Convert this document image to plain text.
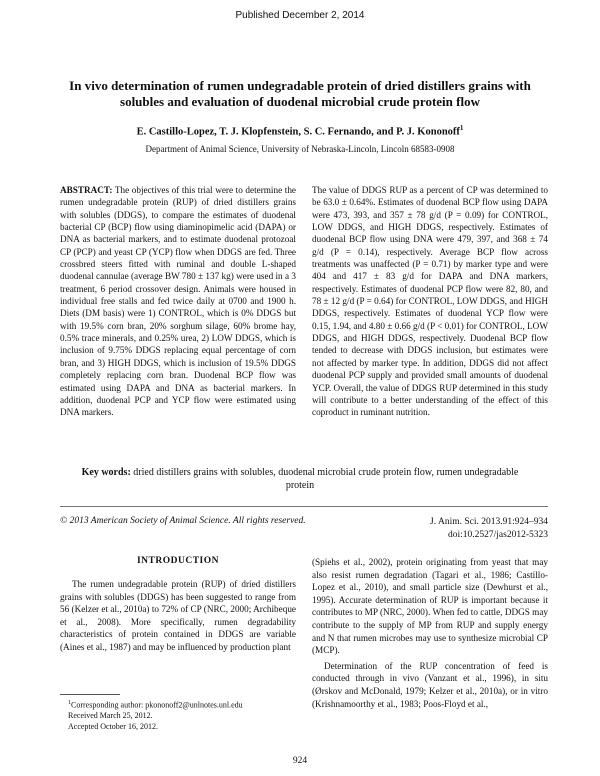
Published December 2, 2014
In vivo determination of rumen undegradable protein of dried distillers grains with solubles and evaluation of duodenal microbial crude protein flow
E. Castillo-Lopez, T. J. Klopfenstein, S. C. Fernando, and P. J. Kononoff$^1$
Department of Animal Science, University of Nebraska-Lincoln, Lincoln 68583-0908
ABSTRACT: The objectives of this trial were to determine the rumen undegradable protein (RUP) of dried distillers grains with solubles (DDGS), to compare the estimates of duodenal bacterial CP (BCP) flow using diaminopimelic acid (DAPA) or DNA as bacterial markers, and to estimate duodenal protozoal CP (PCP) and yeast CP (YCP) flow when DDGS are fed. Three crossbred steers fitted with ruminal and double L-shaped duodenal cannulae (average BW 780 ± 137 kg) were used in a 3 treatment, 6 period crossover design. Animals were housed in individual free stalls and fed twice daily at 0700 and 1900 h. Diets (DM basis) were 1) CONTROL, which is 0% DDGS but with 19.5% corn bran, 20% sorghum silage, 60% brome hay, 0.5% trace minerals, and 0.25% urea, 2) LOW DDGS, which is inclusion of 9.75% DDGS replacing equal percentage of corn bran, and 3) HIGH DDGS, which is inclusion of 19.5% DDGS completely replacing corn bran. Duodenal BCP flow was estimated using DAPA and DNA as bacterial markers. In addition, duodenal PCP and YCP flow were estimated using DNA markers.
The value of DDGS RUP as a percent of CP was determined to be 63.0 ± 0.64%. Estimates of duodenal BCP flow using DAPA were 473, 393, and 357 ± 78 g/d (P = 0.09) for CONTROL, LOW DDGS, and HIGH DDGS, respectively. Estimates of duodenal BCP flow using DNA were 479, 397, and 368 ± 74 g/d (P = 0.14), respectively. Average BCP flow across treatments was unaffected (P = 0.71) by marker type and were 404 and 417 ± 83 g/d for DAPA and DNA markers, respectively. Estimates of duodenal PCP flow were 82, 80, and 78 ± 12 g/d (P = 0.64) for CONTROL, LOW DDGS, and HIGH DDGS, respectively. Estimates of duodenal YCP flow were 0.15, 1.94, and 4.80 ± 0.66 g/d (P < 0.01) for CONTROL, LOW DDGS, and HIGH DDGS, respectively. Duodenal BCP flow tended to decrease with DDGS inclusion, but estimates were not affected by marker type. In addition, DDGS did not affect duodenal PCP supply and provided small amounts of duodenal YCP. Overall, the value of DDGS RUP determined in this study will contribute to a better understanding of the effect of this coproduct in ruminant nutrition.
Key words: dried distillers grains with solubles, duodenal microbial crude protein flow, rumen undegradable protein
© 2013 American Society of Animal Science. All rights reserved.	J. Anim. Sci. 2013.91:924–934
doi:10.2527/jas2012-5323
INTRODUCTION
The rumen undegradable protein (RUP) of dried distillers grains with solubles (DDGS) has been suggested to range from 56 (Kelzer et al., 2010a) to 72% of CP (NRC, 2000; Archibeque et al., 2008). More specifically, rumen degradability characteristics of protein contained in DDGS are variable (Aines et al., 1987) and may be influenced by production plant

(Spiehs et al., 2002), protein originating from yeast that may also resist rumen degradation (Tagari et al., 1986; Castillo-Lopez et al., 2010), and small particle size (Dewhurst et al., 1995). Accurate determination of RUP is important because it contributes to MP (NRC, 2000). When fed to cattle, DDGS may contribute to the supply of MP from RUP and supply energy and N that rumen microbes may use to synthesize microbial CP (MCP).

Determination of the RUP concentration of feed is conducted through in vivo (Vanzant et al., 1996), in situ (Ørskov and McDonald, 1979; Kelzer et al., 2010a), or in vitro (Krishnamoorthy et al., 1983; Poos-Floyd et al.,

$^1$Corresponding author: pkononoff2@unlnotes.unl.edu
Received March 25, 2012.
Accepted October 16, 2012.
924
